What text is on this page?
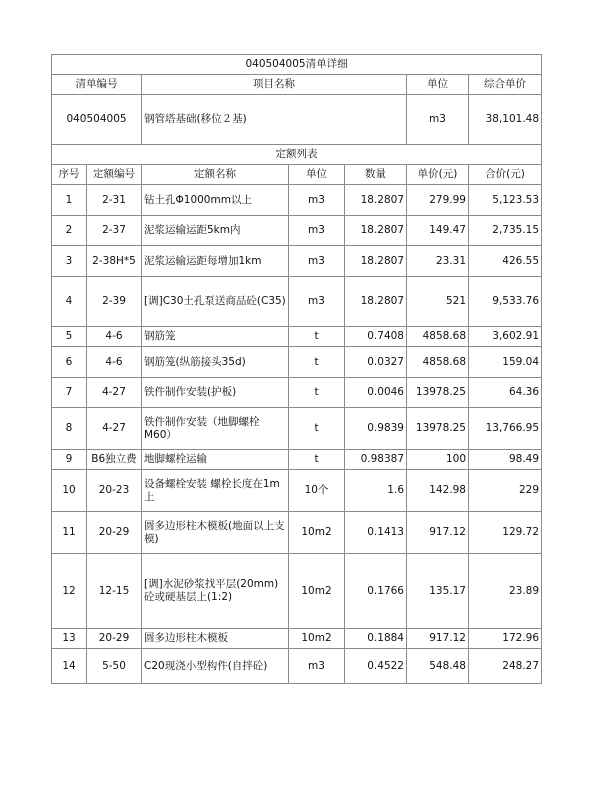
040504005清单详细						
清单编号		项目名称			单位	综合单价
040504005		钢管塔基础(移位２基)			m3	38,101.48
定额列表						
序号	定额编号	定额名称	单位	数量	单价(元)	合价(元)
1	2-31	钻土孔Φ1000mm以上	m3	18.2807	279.99	5,123.53
2	2-37	泥浆运输运距5km内	m3	18.2807	149.47	2,735.15
3	2-38H*5	泥浆运输运距每增加1km	m3	18.2807	23.31	426.55
4	2-39	[调]C30土孔泵送商品砼(C35)	m3	18.2807	521	9,533.76
5	4-6	钢筋笼	t	0.7408	4858.68	3,602.91
6	4-6	钢筋笼(纵筋接头35d)	t	0.0327	4858.68	159.04
7	4-27	铁件制作安装(护板)	t	0.0046	13978.25	64.36
8	4-27	铁件制作安装（地脚螺栓M60）	t	0.9839	13978.25	13,766.95
9	B6独立费	地脚螺栓运输	t	0.98387	100	98.49
10	20-23	设备螺栓安装 螺栓长度在1m上	10个	1.6	142.98	229
11	20-29	圆多边形柱木模板(地面以上支模)	10m2	0.1413	917.12	129.72
12	12-15	[调]水泥砂浆找平层(20mm)砼或硬基层上(1:2)	10m2	0.1766	135.17	23.89
13	20-29	圆多边形柱木模板	10m2	0.1884	917.12	172.96
14	5-50	C20现浇小型构件(自拌砼)	m3	0.4522	548.48	248.27
